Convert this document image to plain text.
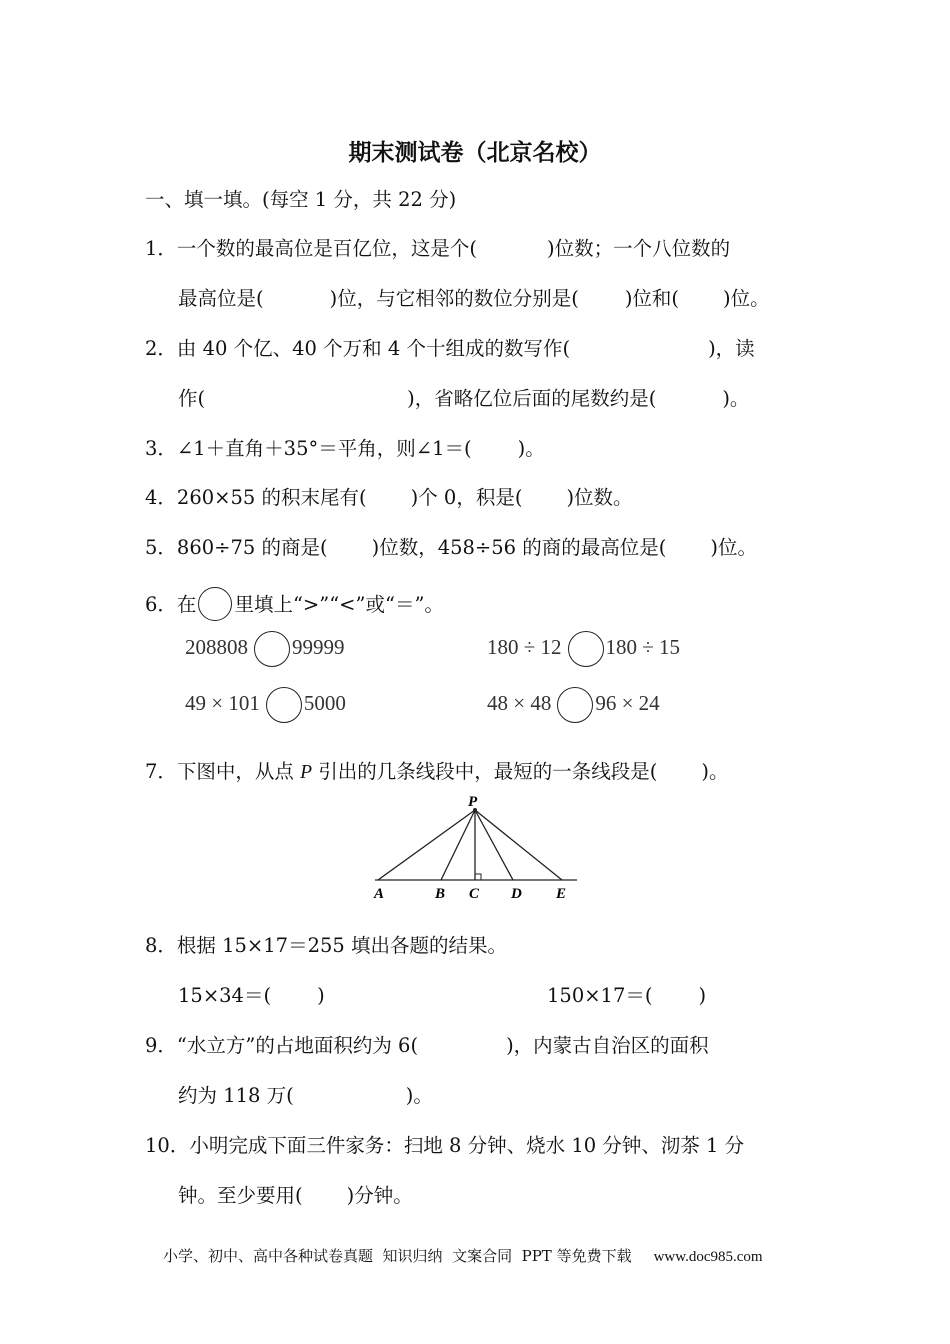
期末测试卷（北京名校）
一、填一填。(每空 1 分，共 22 分)
1．一个数的最高位是百亿位，这是个(	)位数；一个八位数的
最高位是(	)位，与它相邻的数位分别是( )位和( )位。
2．由 40 个亿、40 个万和 4 个十组成的数写作(	)，读
作(	)，省略亿位后面的尾数约是(	)。
3．∠1＋直角＋35°＝平角，则∠1＝( )。
4．260×55 的积末尾有( )个 0，积是( )位数。
5．860÷75 的商是( )位数，458÷56 的商的最高位是( )位。
6．在 里填上“>”“<”或“＝”。
208808 99999	180 ÷ 12 180 ÷ 15
49 × 101 5000	48 × 48 96 × 24
7．下图中，从点 P 引出的几条线段中，最短的一条线段是( )。
P
A	B C D E
8．根据 15×17＝255 填出各题的结果。
15×34＝( )	150×17＝( )
9．“水立方”的占地面积约为 6(	)，内蒙古自治区的面积
约为 118 万(	)。
10．小明完成下面三件家务：扫地 8 分钟、烧水 10 分钟、沏茶 1 分
钟。至少要用( )分钟。
小学、初中、高中各种试卷真题  知识归纳  文案合同  PPT 等免费下载 www.doc985.com
